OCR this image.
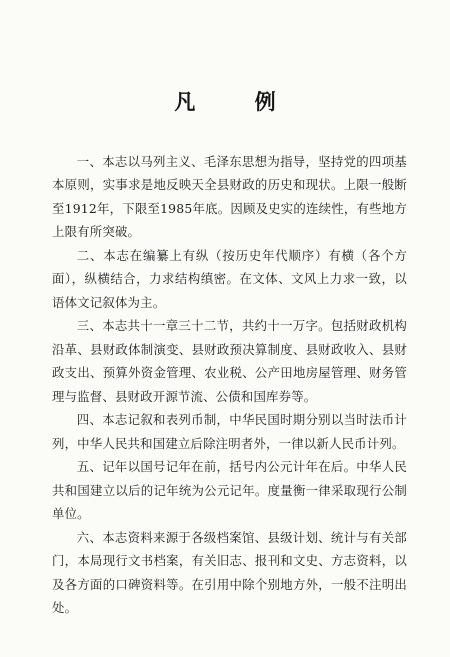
凡 例

一、本志以马列主义、毛泽东思想为指导，坚持党的四项基本原则，实事求是地反映天全县财政的历史和现状。上限一般断至1912年，下限至1985年底。因顾及史实的连续性，有些地方上限有所突破。

二、本志在编纂上有纵（按历史年代顺序）有横（各个方面），纵横结合，力求结构缜密。在文体、文风上力求一致，以语体文记叙体为主。

三、本志共十一章三十二节，共约十一万字。包括财政机构沿革、县财政体制演变、县财政预决算制度、县财政收入、县财政支出、预算外资金管理、农业税、公产田地房屋管理、财务管理与监督、县财政开源节流、公债和国库券等。

四、本志记叙和表列币制，中华民国时期分别以当时法币计列，中华人民共和国建立后除注明者外，一律以新人民币计列。

五、记年以国号记年在前，括号内公元计年在后。中华人民共和国建立以后的记年统为公元记年。度量衡一律采取现行公制单位。

六、本志资料来源于各级档案馆、县级计划、统计与有关部门，本局现行文书档案，有关旧志、报刊和文史、方志资料，以及各方面的口碑资料等。在引用中除个别地方外，一般不注明出处。
